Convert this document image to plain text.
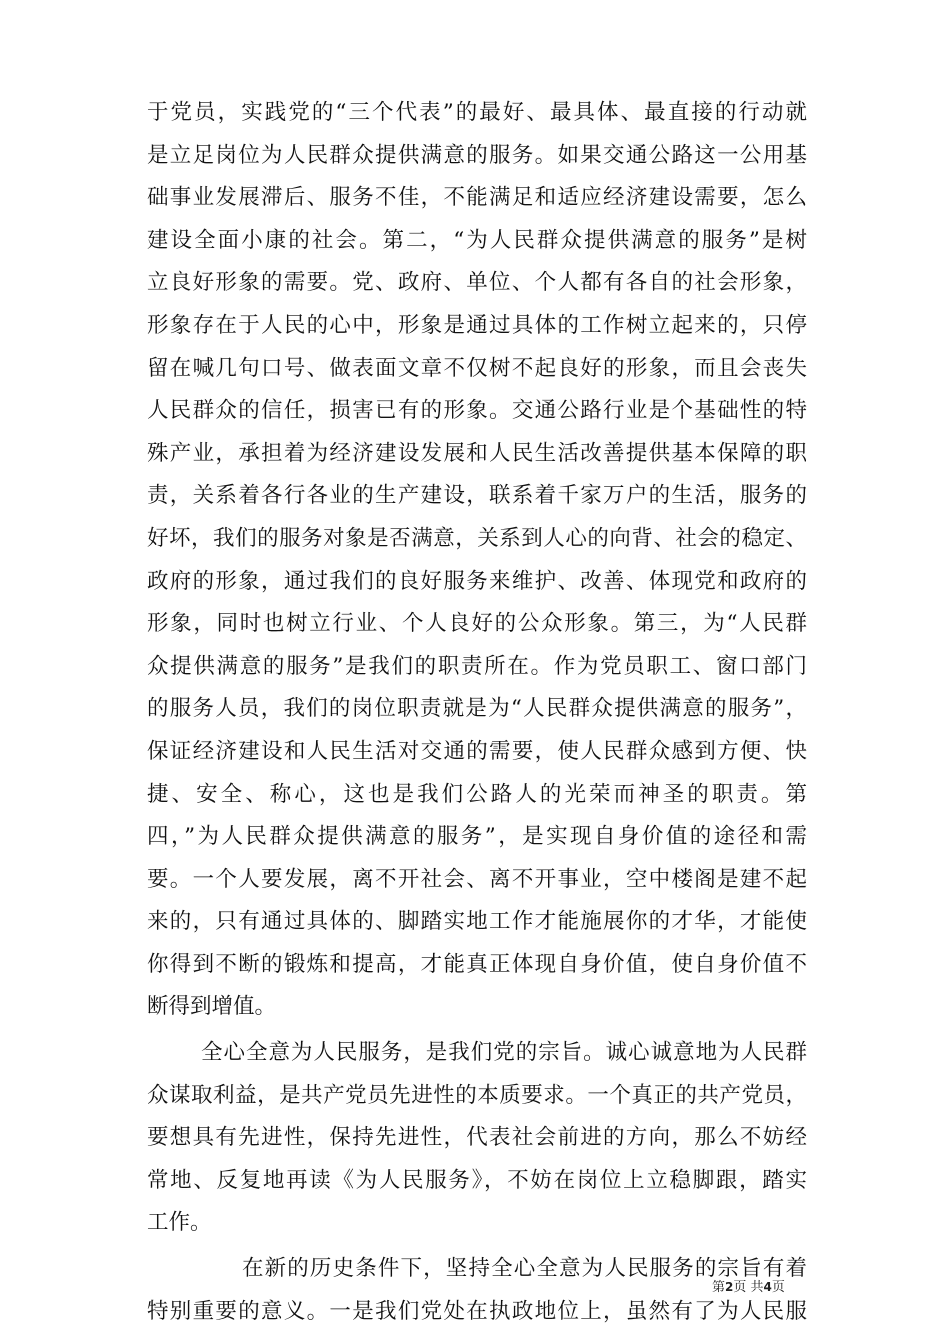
于党员，实践党的“三个代表”的最好、最具体、最直接的行动就
是立足岗位为人民群众提供满意的服务。如果交通公路这一公用基
础事业发展滞后、服务不佳，不能满足和适应经济建设需要，怎么
建设全面小康的社会。第二，“为人民群众提供满意的服务”是树
立良好形象的需要。党、政府、单位、个人都有各自的社会形象，
形象存在于人民的心中，形象是通过具体的工作树立起来的，只停
留在喊几句口号、做表面文章不仅树不起良好的形象，而且会丧失
人民群众的信任，损害已有的形象。交通公路行业是个基础性的特
殊产业，承担着为经济建设发展和人民生活改善提供基本保障的职
责，关系着各行各业的生产建设，联系着千家万户的生活，服务的
好坏，我们的服务对象是否满意，关系到人心的向背、社会的稳定、
政府的形象，通过我们的良好服务来维护、改善、体现党和政府的
形象，同时也树立行业、个人良好的公众形象。第三，为“人民群
众提供满意的服务”是我们的职责所在。作为党员职工、窗口部门
的服务人员，我们的岗位职责就是为“人民群众提供满意的服务”，
保证经济建设和人民生活对交通的需要，使人民群众感到方便、快
捷、安全、称心，这也是我们公路人的光荣而神圣的职责。第
四，”为人民群众提供满意的服务”，是实现自身价值的途径和需
要。一个人要发展，离不开社会、离不开事业，空中楼阁是建不起
来的，只有通过具体的、脚踏实地工作才能施展你的才华，才能使
你得到不断的锻炼和提高，才能真正体现自身价值，使自身价值不
断得到增值。
全心全意为人民服务，是我们党的宗旨。诚心诚意地为人民群
众谋取利益，是共产党员先进性的本质要求。一个真正的共产党员，
要想具有先进性，保持先进性，代表社会前进的方向，那么不妨经
常地、反复地再读《为人民服务》，不妨在岗位上立稳脚跟，踏实
工作。
在新的历史条件下，坚持全心全意为人民服务的宗旨有着
特别重要的意义。一是我们党处在执政地位上，虽然有了为人民服
第2页 共4页
